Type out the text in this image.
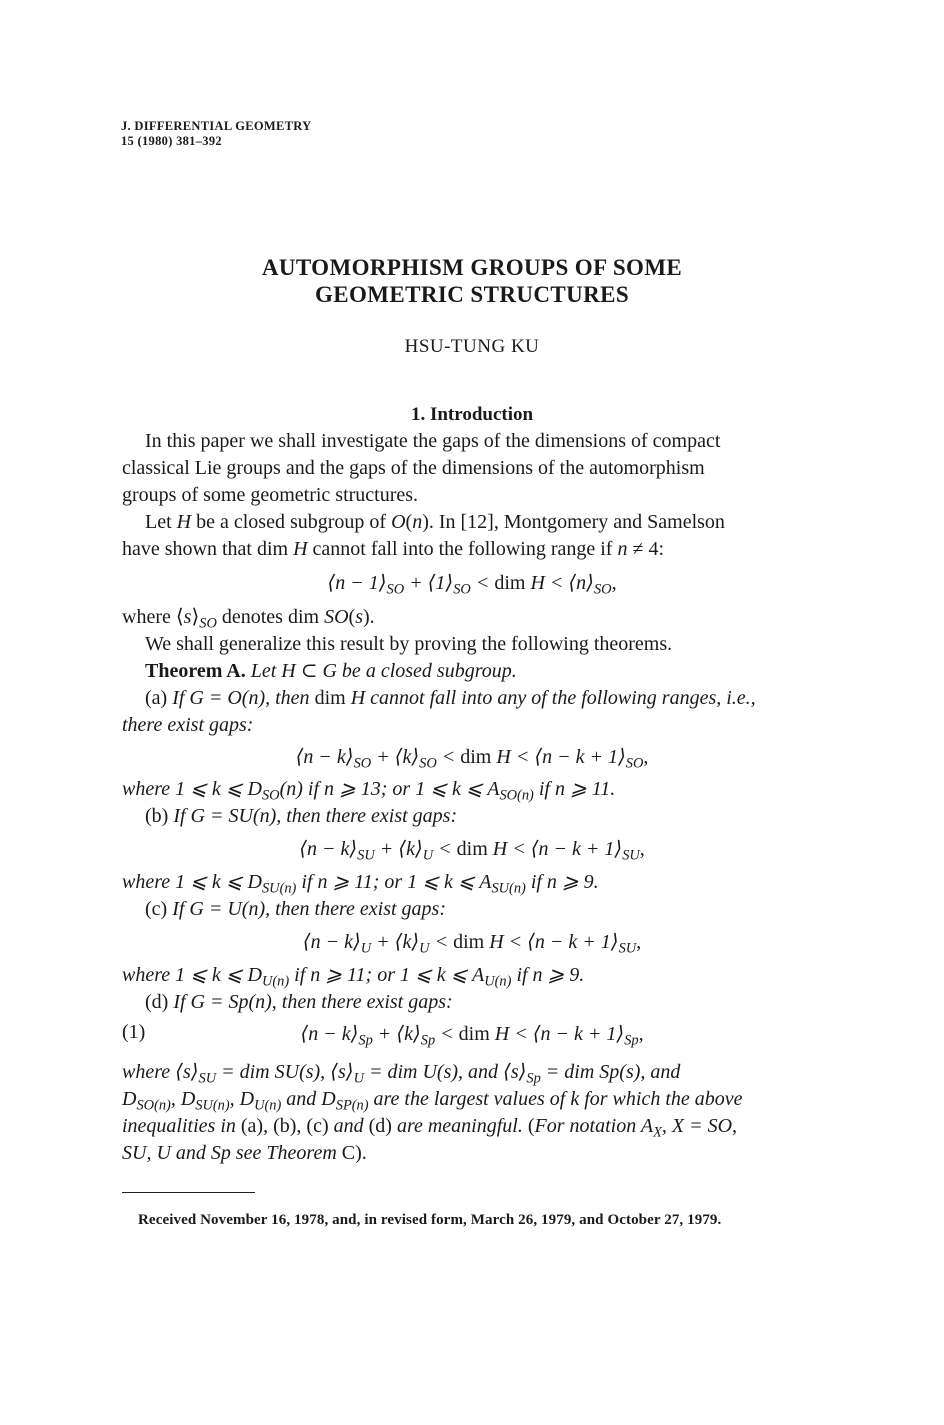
J. DIFFERENTIAL GEOMETRY
15 (1980) 381–392
AUTOMORPHISM GROUPS OF SOME
GEOMETRIC STRUCTURES
HSU-TUNG KU
1. Introduction
In this paper we shall investigate the gaps of the dimensions of compact
classical Lie groups and the gaps of the dimensions of the automorphism
groups of some geometric structures.
Let H be a closed subgroup of O(n). In [12], Montgomery and Samelson
have shown that dim H cannot fall into the following range if n ≠ 4:
⟨n − $1⟩_{SO}$ + $⟨1⟩_{SO}$ < dim $H < ⟨n⟩_{SO}$,
where $⟨s⟩_{SO}$ denotes dim SO(s).
We shall generalize this result by proving the following theorems.
Theorem A. Let H ⊂ G be a closed subgroup.
(a) If G = O(n), then dim H cannot fall into any of the following ranges, i.e.,
there exist gaps:
⟨n − $k⟩_{SO}$ + $⟨k⟩_{SO}$ < dim H < ⟨n − $k + 1⟩_{SO}$,
where 1 ⩽ k ⩽ $D_{SO}(n)$ if n ⩾ 13; or 1 ⩽ k ⩽ $A_{SO(n)}$ if n ⩾ 11.
(b) If G = SU(n), then there exist gaps:
⟨n − $k⟩_{SU}$ + $⟨k⟩_U$ < dim H < ⟨n − $k + 1⟩_{SU}$,
where 1 ⩽ k ⩽ $D_{SU(n)}$ if n ⩾ 11; or 1 ⩽ k ⩽ $A_{SU(n)}$ if n ⩾ 9.
(c) If G = U(n), then there exist gaps:
⟨n − $k⟩_U$ + $⟨k⟩_U$ < dim H < ⟨n − $k + 1⟩_{SU}$,
where 1 ⩽ k ⩽ $D_{U(n)}$ if n ⩾ 11; or 1 ⩽ k ⩽ $A_{U(n)}$ if n ⩾ 9.
(d) If G = Sp(n), then there exist gaps:
(1)	⟨n − $k⟩_{Sp}$ + $⟨k⟩_{Sp}$ < dim H < ⟨n − $k + 1⟩_{Sp}$,
where $⟨s⟩_{SU}$ = dim SU(s), $⟨s⟩_U$ = dim U(s), and $⟨s⟩_{Sp}$ = dim Sp(s), and
$D_{SO(n)}$, $D_{SU(n)}$, $D_{U(n)}$ and $D_{SP(n)}$ are the largest values of k for which the above
inequalities in (a), (b), (c) and (d) are meaningful. (For notation $A_X$, X = SO,
SU, U and Sp see Theorem C).
Received November 16, 1978, and, in revised form, March 26, 1979, and October 27, 1979.
